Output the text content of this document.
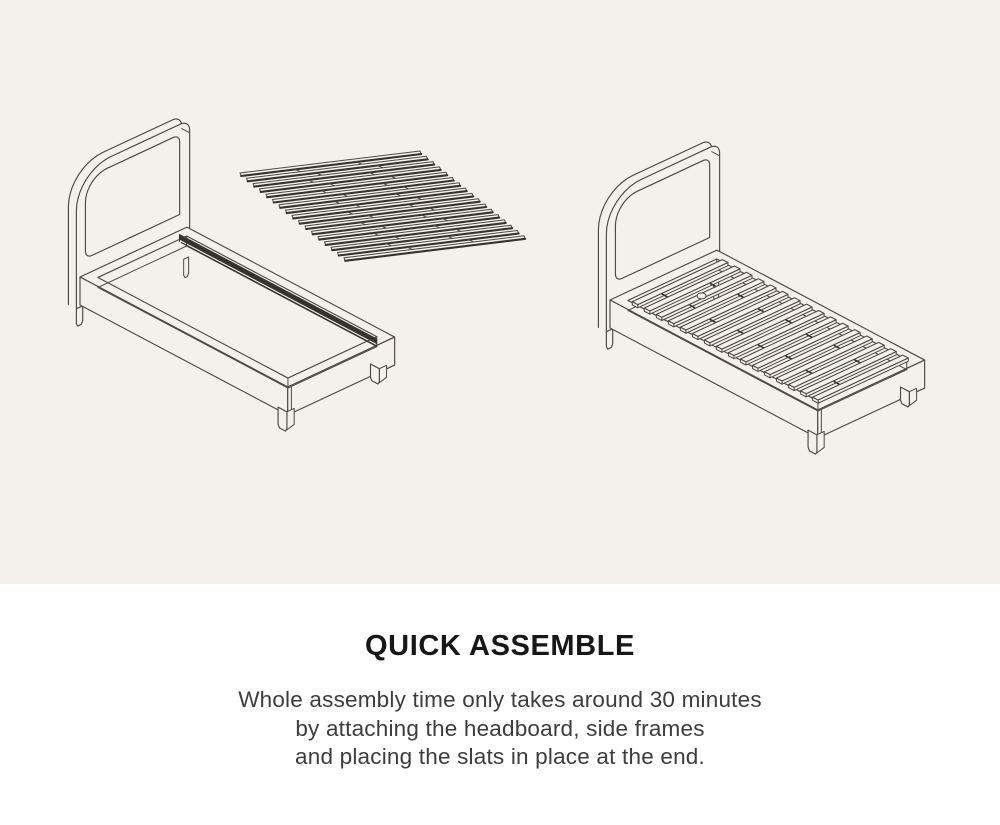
QUICK ASSEMBLE

Whole assembly time only takes around 30 minutes

by attaching the headboard, side frames

and placing the slats in place at the end.
